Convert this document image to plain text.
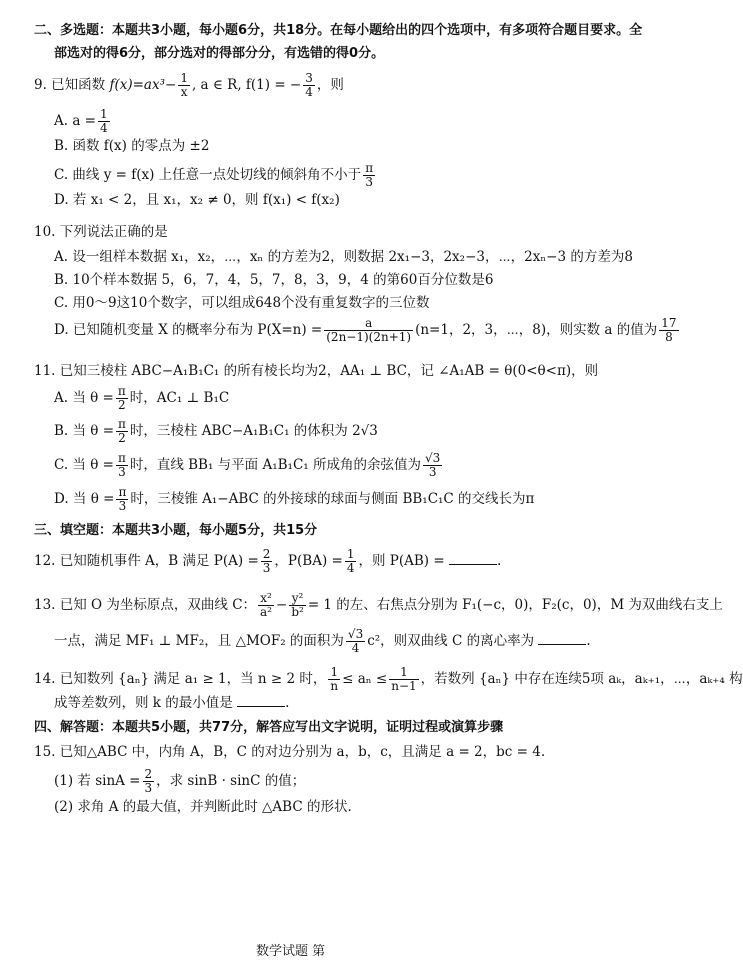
二、多选题：本题共3小题，每小题6分，共18分。在每小题给出的四个选项中，有多项符合题目要求。全
部选对的得6分，部分选对的得部分分，有选错的得0分。
9. 已知函数 $f(x)=ax^3- \frac{1}{x}$ , a ∈ R, f(1) = − $\frac{3}{4}$ ，则
A. $a = \frac{1}{4}$
B. 函数 f(x) 的零点为 ±2
C. 曲线 y = f(x) 上任意一点处切线的倾斜角不小于 $\frac{\pi}{3}$
D. 若 x₁ < 2，且 x₁，x₂ ≠ 0，则 f(x₁) < f(x₂)
10. 下列说法正确的是
A. 设一组样本数据 x₁，x₂，⋯，xₙ 的方差为2，则数据 2x₁−3，2x₂−3，⋯，2xₙ−3 的方差为8
B. 10个样本数据 5，6，7，4，5，7，8，3，9，4 的第60百分位数是6
C. 用0～9这10个数字，可以组成648个没有重复数字的三位数
D. 已知随机变量 X 的概率分布为 $P(X=n) = \frac{a}{(2n-1)(2n+1)} (n=1$，2，3，⋯，8)，则实数 a 的值为 $\frac{17}{8}$
11. 已知三棱柱 ABC−A₁B₁C₁ 的所有棱长均为2，AA₁ ⊥ BC，记 ∠A₁AB = θ(0<θ<π)，则
A. 当 $\theta = \frac{\pi}{2}$ 时，AC₁ ⊥ B₁C
B. 当 $\theta = \frac{\pi}{2}$ 时，三棱柱 ABC−A₁B₁C₁ 的体积为 2√3
C. 当 $\theta = \frac{\pi}{3}$ 时，直线 BB₁ 与平面 A₁B₁C₁ 所成角的余弦值为 $\frac{√3}{3}$
D. 当 $\theta = \frac{\pi}{3}$ 时，三棱锥 A₁−ABC 的外接球的球面与侧面 BB₁C₁C 的交线长为π
三、填空题：本题共3小题，每小题5分，共15分
12. 已知随机事件 A，B 满足 $P(A) = \frac{2}{3}$ ，$P(BA) = \frac{1}{4}$ ，则 P(AB) =	.
13. 已知 O 为坐标原点，双曲线 C： $\frac{\text{x²}}{\text{a²}} - \frac{\text{y²}}{\text{b²}} = 1$ 的左、右焦点分别为 F₁(−c，0)，F₂(c，0)，M 为双曲线右支上
一点，满足 MF₁ ⊥ MF₂，且 △MOF₂ 的面积为 $\frac{√3}{4} c^2$，则双曲线 C 的离心率为	.
14. 已知数列 {aₙ} 满足 a₁ ≥ 1，当 n ≥ 2 时， $\frac{1}{n} \le a_n \le \frac{1}{n-1}$ ，若数列 {aₙ} 中存在连续5项 aₖ，aₖ₊₁，⋯，aₖ₊₄ 构
成等差数列，则 k 的最小值是	.
四、解答题：本题共5小题，共77分，解答应写出文字说明，证明过程或演算步骤
15. 已知△ABC 中，内角 A，B，C 的对边分别为 a，b，c，且满足 a = 2，bc = 4.
(1) 若 $\sin A = \frac{2}{3}$ ，求 sinB · sinC 的值；
(2) 求角 A 的最大值，并判断此时 △ABC 的形状.
数学试题 第
